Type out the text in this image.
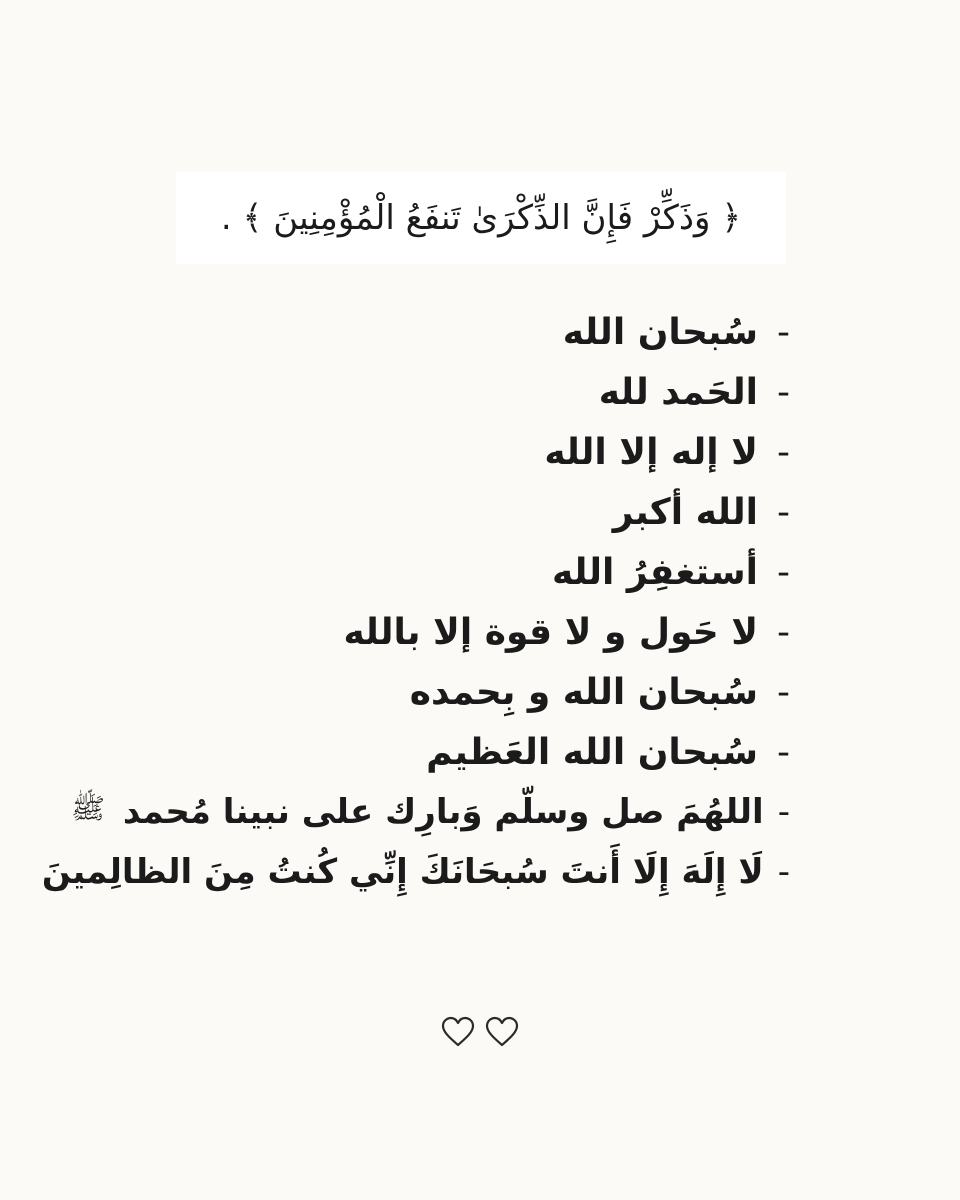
﴿ وَذَكِّرْ فَإِنَّ الذِّكْرَىٰ تَنفَعُ الْمُؤْمِنِينَ ﴾ .
-
سُبحان الله
-
الحَمد لله
-
لا إله إلا الله
-
الله أكبر
-
أستغفِرُ الله
-
لا حَول و لا قوة إلا بالله
-
سُبحان الله و بِحمده
-
سُبحان الله العَظيم
-
اللهُمَ صل وسلّم وَبارِك على نبينا مُحمد
ﷺ
-
لَا إِلَهَ إِلَا أَنتَ سُبحَانَكَ إِنِّي كُنتُ مِنَ الظالِمينَ
